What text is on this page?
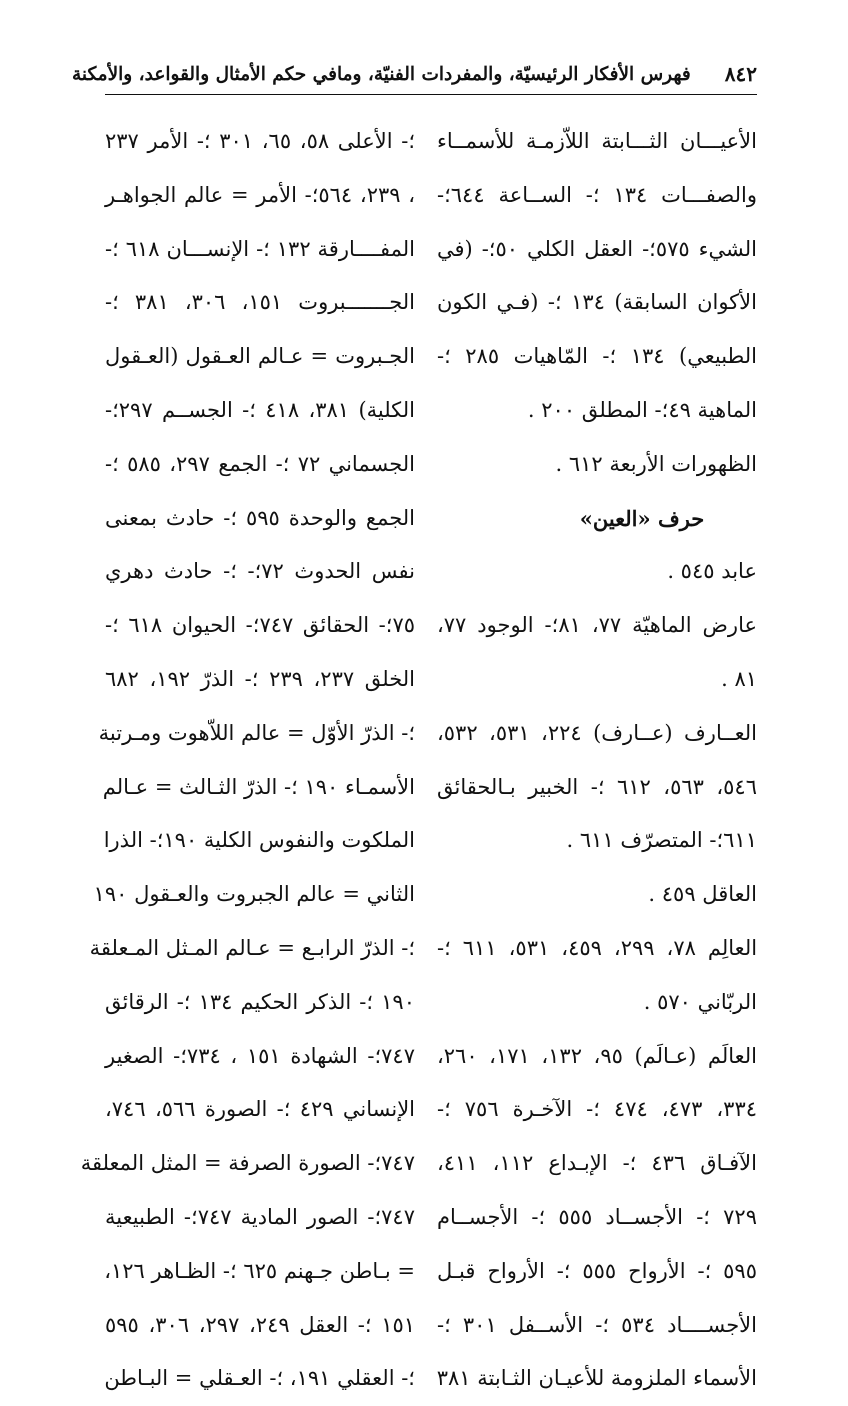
٨٤٢
فهرس الأفكار الرئيسيّة، والمفردات الفنيّة، ومافي حكم الأمثال والقواعد، والأمكنة
الأعيـــان الثـــابتة اللاّزمـة للأسمــاء
والصفـــات ١٣٤ ؛- الســاعة ٦٤٤؛-
الشيء ٥٧٥؛- العقل الكلي ٥٠؛- (في
الأكوان السابقة) ١٣٤ ؛- (فـي الكون
الطبيعي) ١٣٤ ؛- المّاهيات ٢٨٥ ؛-
الماهية ٤٩؛- المطلق ٢٠٠ .
الظهورات الأربعة ٦١٢ .
حرف «العين»
عابد ٥٤٥ .
عارض الماهيّة ٧٧، ٨١؛- الوجود ٧٧،
٨١ .
العــارف (عــارف) ٢٢٤، ٥٣١، ٥٣٢،
٥٤٦، ٥٦٣، ٦١٢ ؛- الخبير بـالحقائق
٦١١؛- المتصرّف ٦١١ .
العاقل ٤٥٩ .
العالِم ٧٨، ٢٩٩، ٤٥٩، ٥٣١، ٦١١ ؛-
الربّاني ٥٧٠ .
العالَم (عـالَم) ٩٥، ١٣٢، ١٧١، ٢٦٠،
٣٣٤، ٤٧٣، ٤٧٤ ؛- الآخـرة ٧٥٦ ؛-
الآفـاق ٤٣٦ ؛- الإبـداع ١١٢، ٤١١،
٧٢٩ ؛- الأجســاد ٥٥٥ ؛- الأجســام
٥٩٥ ؛- الأرواح ٥٥٥ ؛- الأرواح قبـل
الأجســــاد ٥٣٤ ؛- الأســفل ٣٠١ ؛-
الأسماء الملزومة للأعيـان الثـابتة ٣٨١
؛- الأعلى ٥٨، ٦٥، ٣٠١ ؛- الأمر ٢٣٧
، ٢٣٩، ٥٦٤؛- الأمر = عالم الجواهـر
المفــــارقة ١٣٢ ؛- الإنســـان ٦١٨ ؛-
الجـــــــبروت ١٥١، ٣٠٦، ٣٨١ ؛-
الجـبروت = عـالم العـقول (العـقول
الكلية) ٣٨١، ٤١٨ ؛- الجســم ٢٩٧؛-
الجسماني ٧٢ ؛- الجمع ٢٩٧، ٥٨٥ ؛-
الجمع والوحدة ٥٩٥ ؛- حادث بمعنى
نفس الحدوث ٧٢؛- ؛- حادث دهري
٧٥؛- الحقائق ٧٤٧؛- الحيوان ٦١٨ ؛-
الخلق ٢٣٧، ٢٣٩ ؛- الذرّ ١٩٢، ٦٨٢
؛- الذرّ الأوّل = عالم اللاّهوت ومـرتبة
الأسمـاء ١٩٠ ؛- الذرّ الثـالث = عـالم
الملكوت والنفوس الكلية ١٩٠؛- الذرا
الثاني = عالم الجبروت والعـقول ١٩٠
؛- الذرّ الرابـع = عـالم المـثل المـعلقة
١٩٠ ؛- الذكر الحكيم ١٣٤ ؛- الرقائق
٧٤٧؛- الشهادة ١٥١ ، ٧٣٤؛- الصغير
الإنساني ٤٢٩ ؛- الصورة ٥٦٦، ٧٤٦،
٧٤٧؛- الصورة الصرفة = المثل المعلقة
٧٤٧؛- الصور المادية ٧٤٧؛- الطبيعية
= بـاطن جـهنم ٦٢٥ ؛- الظـاهر ١٢٦،
١٥١ ؛- العقل ٢٤٩، ٢٩٧، ٣٠٦، ٥٩٥
؛- العقلي ١٩١، ؛- العـقلي = البـاطن
